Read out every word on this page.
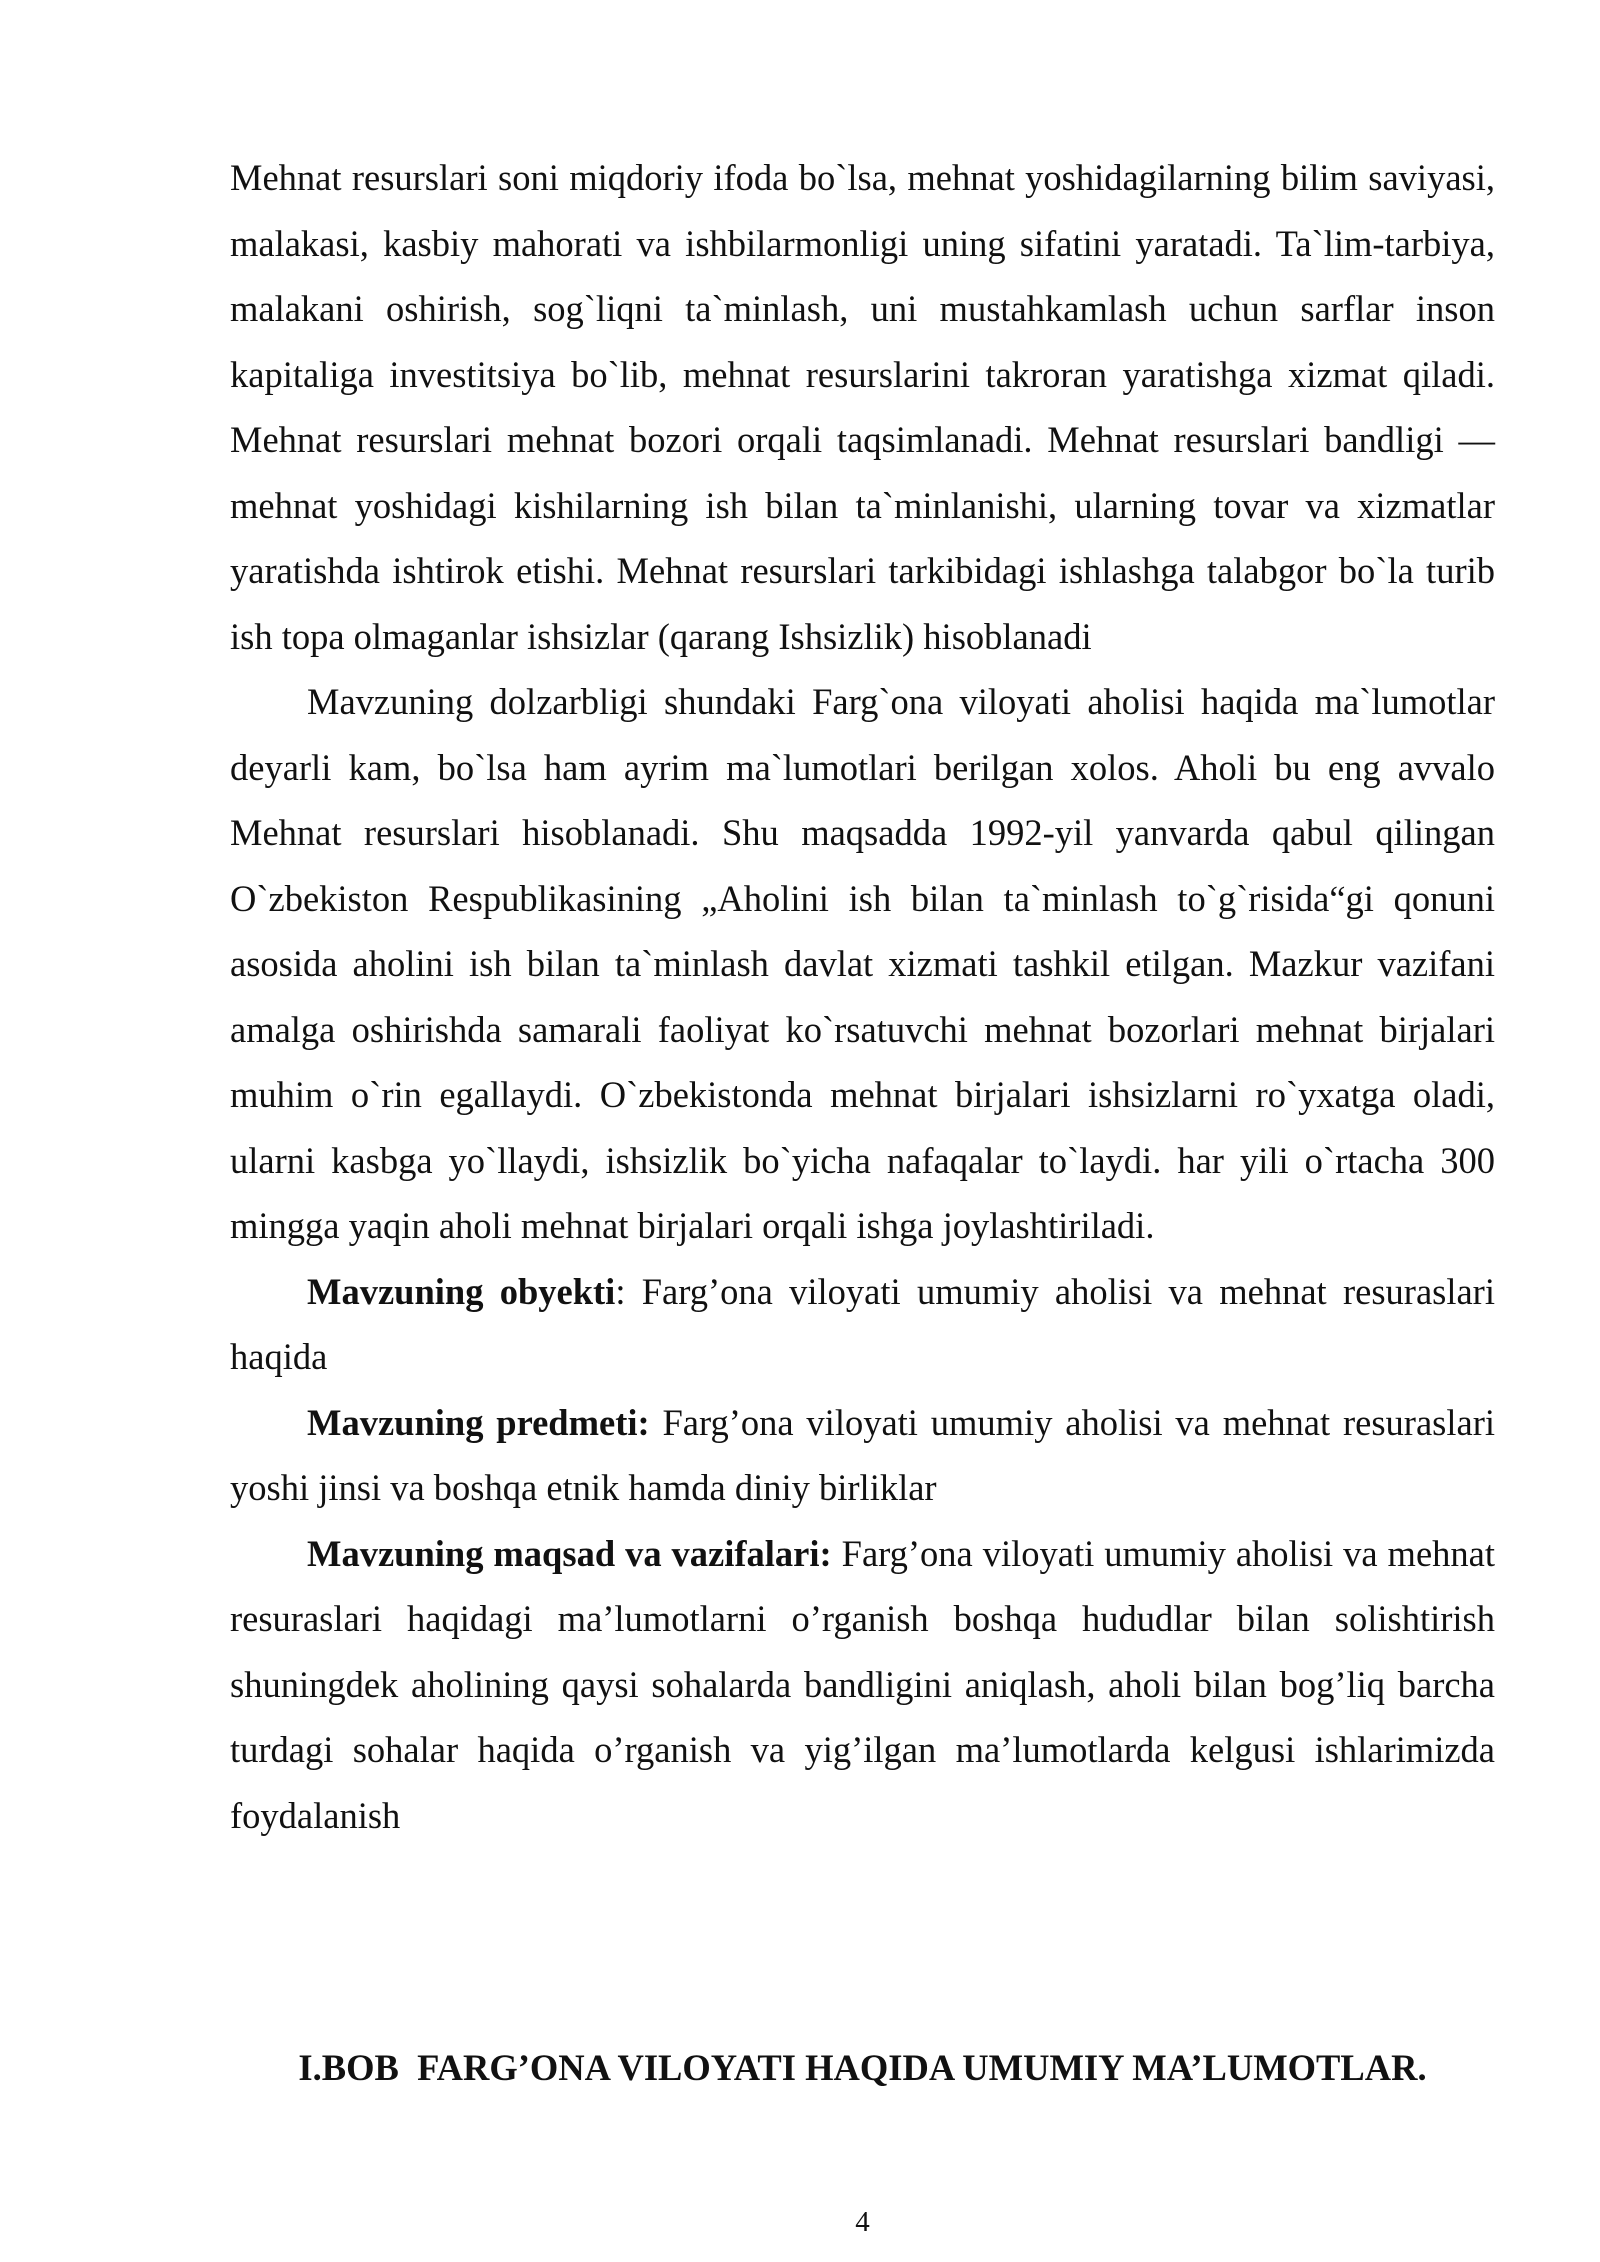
Mehnat resurslari soni miqdoriy ifoda bo`lsa, mehnat yoshidagilarning bilim saviyasi, malakasi, kasbiy mahorati va ishbilarmonligi uning sifatini yaratadi. Ta`lim-tarbiya, malakani oshirish, sog`liqni ta`minlash, uni mustahkamlash uchun sarflar inson kapitaliga investitsiya bo`lib, mehnat resurslarini takroran yaratishga xizmat qiladi. Mehnat resurslari mehnat bozori orqali taqsimlanadi. Mehnat resurslari bandligi — mehnat yoshidagi kishilarning ish bilan ta`minlanishi, ularning tovar va xizmatlar yaratishda ishtirok etishi. Mehnat resurslari tarkibidagi ishlashga talabgor bo`la turib ish topa olmaganlar ishsizlar (qarang Ishsizlik) hisoblanadi

Mavzuning dolzarbligi shundaki Farg`ona viloyati aholisi haqida ma`lumotlar deyarli kam, bo`lsa ham ayrim ma`lumotlari berilgan xolos. Aholi bu eng avvalo Mehnat resurslari hisoblanadi. Shu maqsadda 1992-yil yanvarda qabul qilingan O`zbekiston Respublikasining „Aholini ish bilan ta`minlash to`g`risida“gi qonuni asosida aholini ish bilan ta`minlash davlat xizmati tashkil etilgan. Mazkur vazifani amalga oshirishda samarali faoliyat ko`rsatuvchi mehnat bozorlari mehnat birjalari muhim o`rin egallaydi. O`zbekistonda mehnat birjalari ishsizlarni ro`yxatga oladi, ularni kasbga yo`llaydi, ishsizlik bo`yicha nafaqalar to`laydi. har yili o`rtacha 300 mingga yaqin aholi mehnat birjalari orqali ishga joylashtiriladi.

Mavzuning obyekti: Farg’ona viloyati umumiy aholisi va mehnat resuraslari haqida

Mavzuning predmeti: Farg’ona viloyati umumiy aholisi va mehnat resuraslari yoshi jinsi va boshqa etnik hamda diniy birliklar

Mavzuning maqsad va vazifalari: Farg’ona viloyati umumiy aholisi va mehnat resuraslari haqidagi ma’lumotlarni o’rganish boshqa hududlar bilan solishtirish shuningdek aholining qaysi sohalarda bandligini aniqlash, aholi bilan bog’liq barcha turdagi sohalar haqida o’rganish va yig’ilgan ma’lumotlarda kelgusi ishlarimizda foydalanish

I.BOB  FARG’ONA VILOYATI HAQIDA UMUMIY MA’LUMOTLAR.
4
